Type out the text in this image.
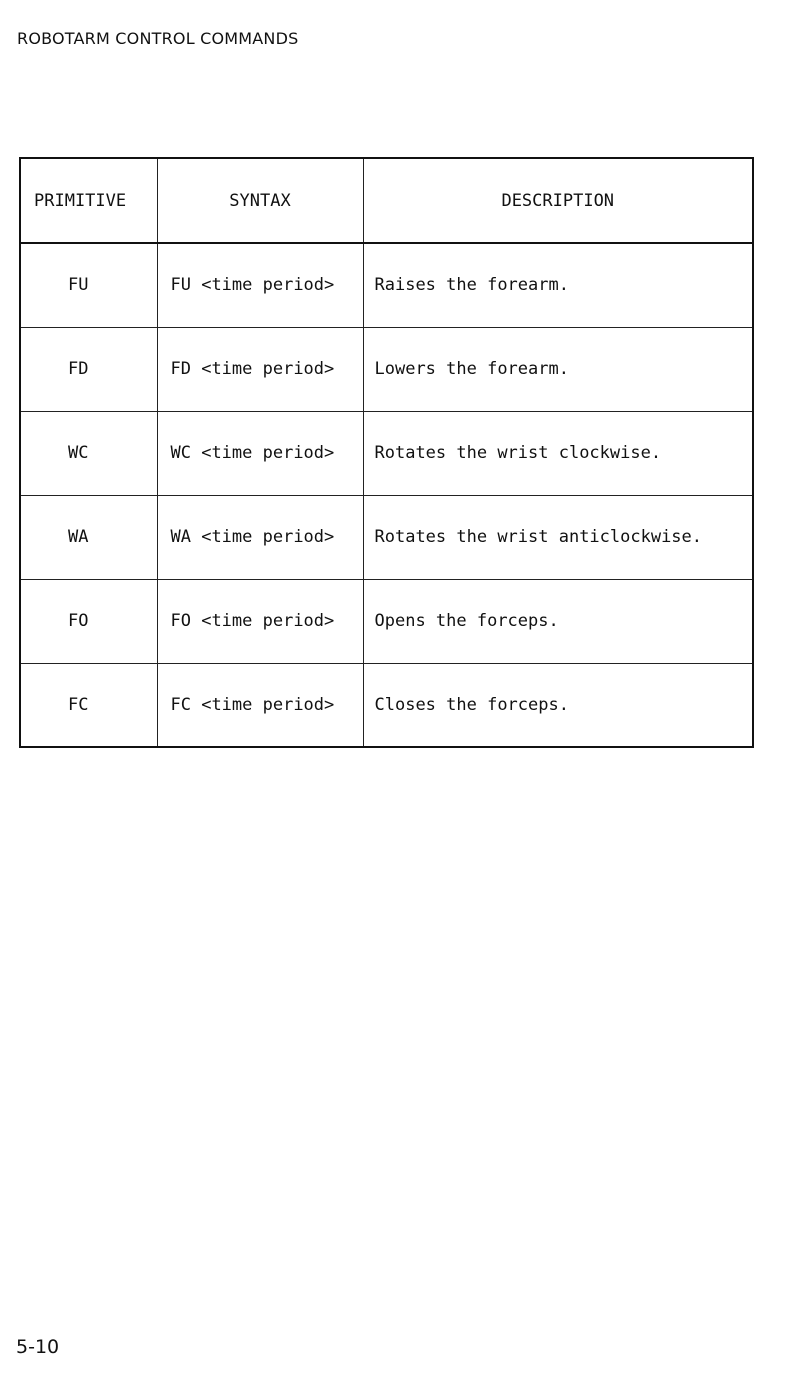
ROBOTARM CONTROL COMMANDS
PRIMITIVE	SYNTAX	DESCRIPTION
FU	FU <time period>	Raises the forearm.
FD	FD <time period>	Lowers the forearm.
WC	WC <time period>	Rotates the wrist clockwise.
WA	WA <time period>	Rotates the wrist anticlockwise.
FO	FO <time period>	Opens the forceps.
FC	FC <time period>	Closes the forceps.
5-10
